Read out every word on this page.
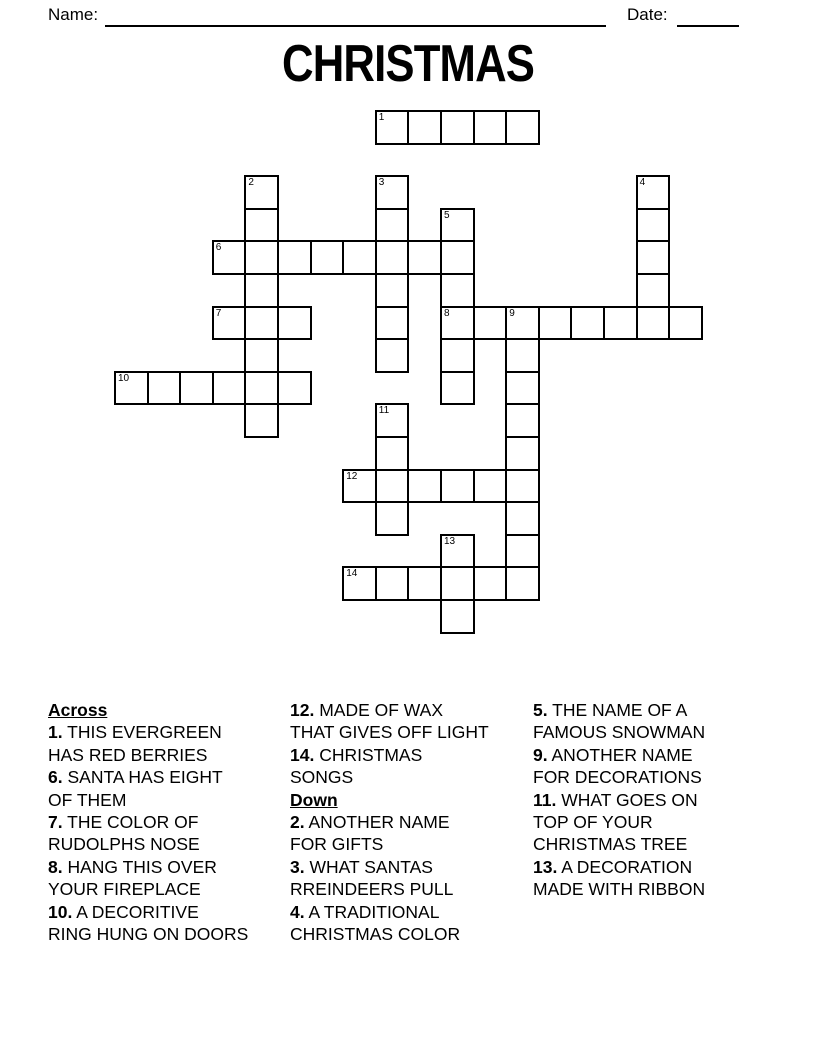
Name:	Date:
CHRISTMAS
1
2	3	4
5
8
6
7	9
10
11
12
13
14
Across
1. THIS EVERGREEN
HAS RED BERRIES
6. SANTA HAS EIGHT
OF THEM
7. THE COLOR OF
RUDOLPHS NOSE
8. HANG THIS OVER
YOUR FIREPLACE
10. A DECORITIVE
RING HUNG ON DOORS
12. MADE OF WAX
THAT GIVES OFF LIGHT
14. CHRISTMAS
SONGS
Down
2. ANOTHER NAME
FOR GIFTS
3. WHAT SANTAS
RREINDEERS PULL
4. A TRADITIONAL
CHRISTMAS COLOR
5. THE NAME OF A
FAMOUS SNOWMAN
9. ANOTHER NAME
FOR DECORATIONS
11. WHAT GOES ON
TOP OF YOUR
CHRISTMAS TREE
13. A DECORATION
MADE WITH RIBBON
